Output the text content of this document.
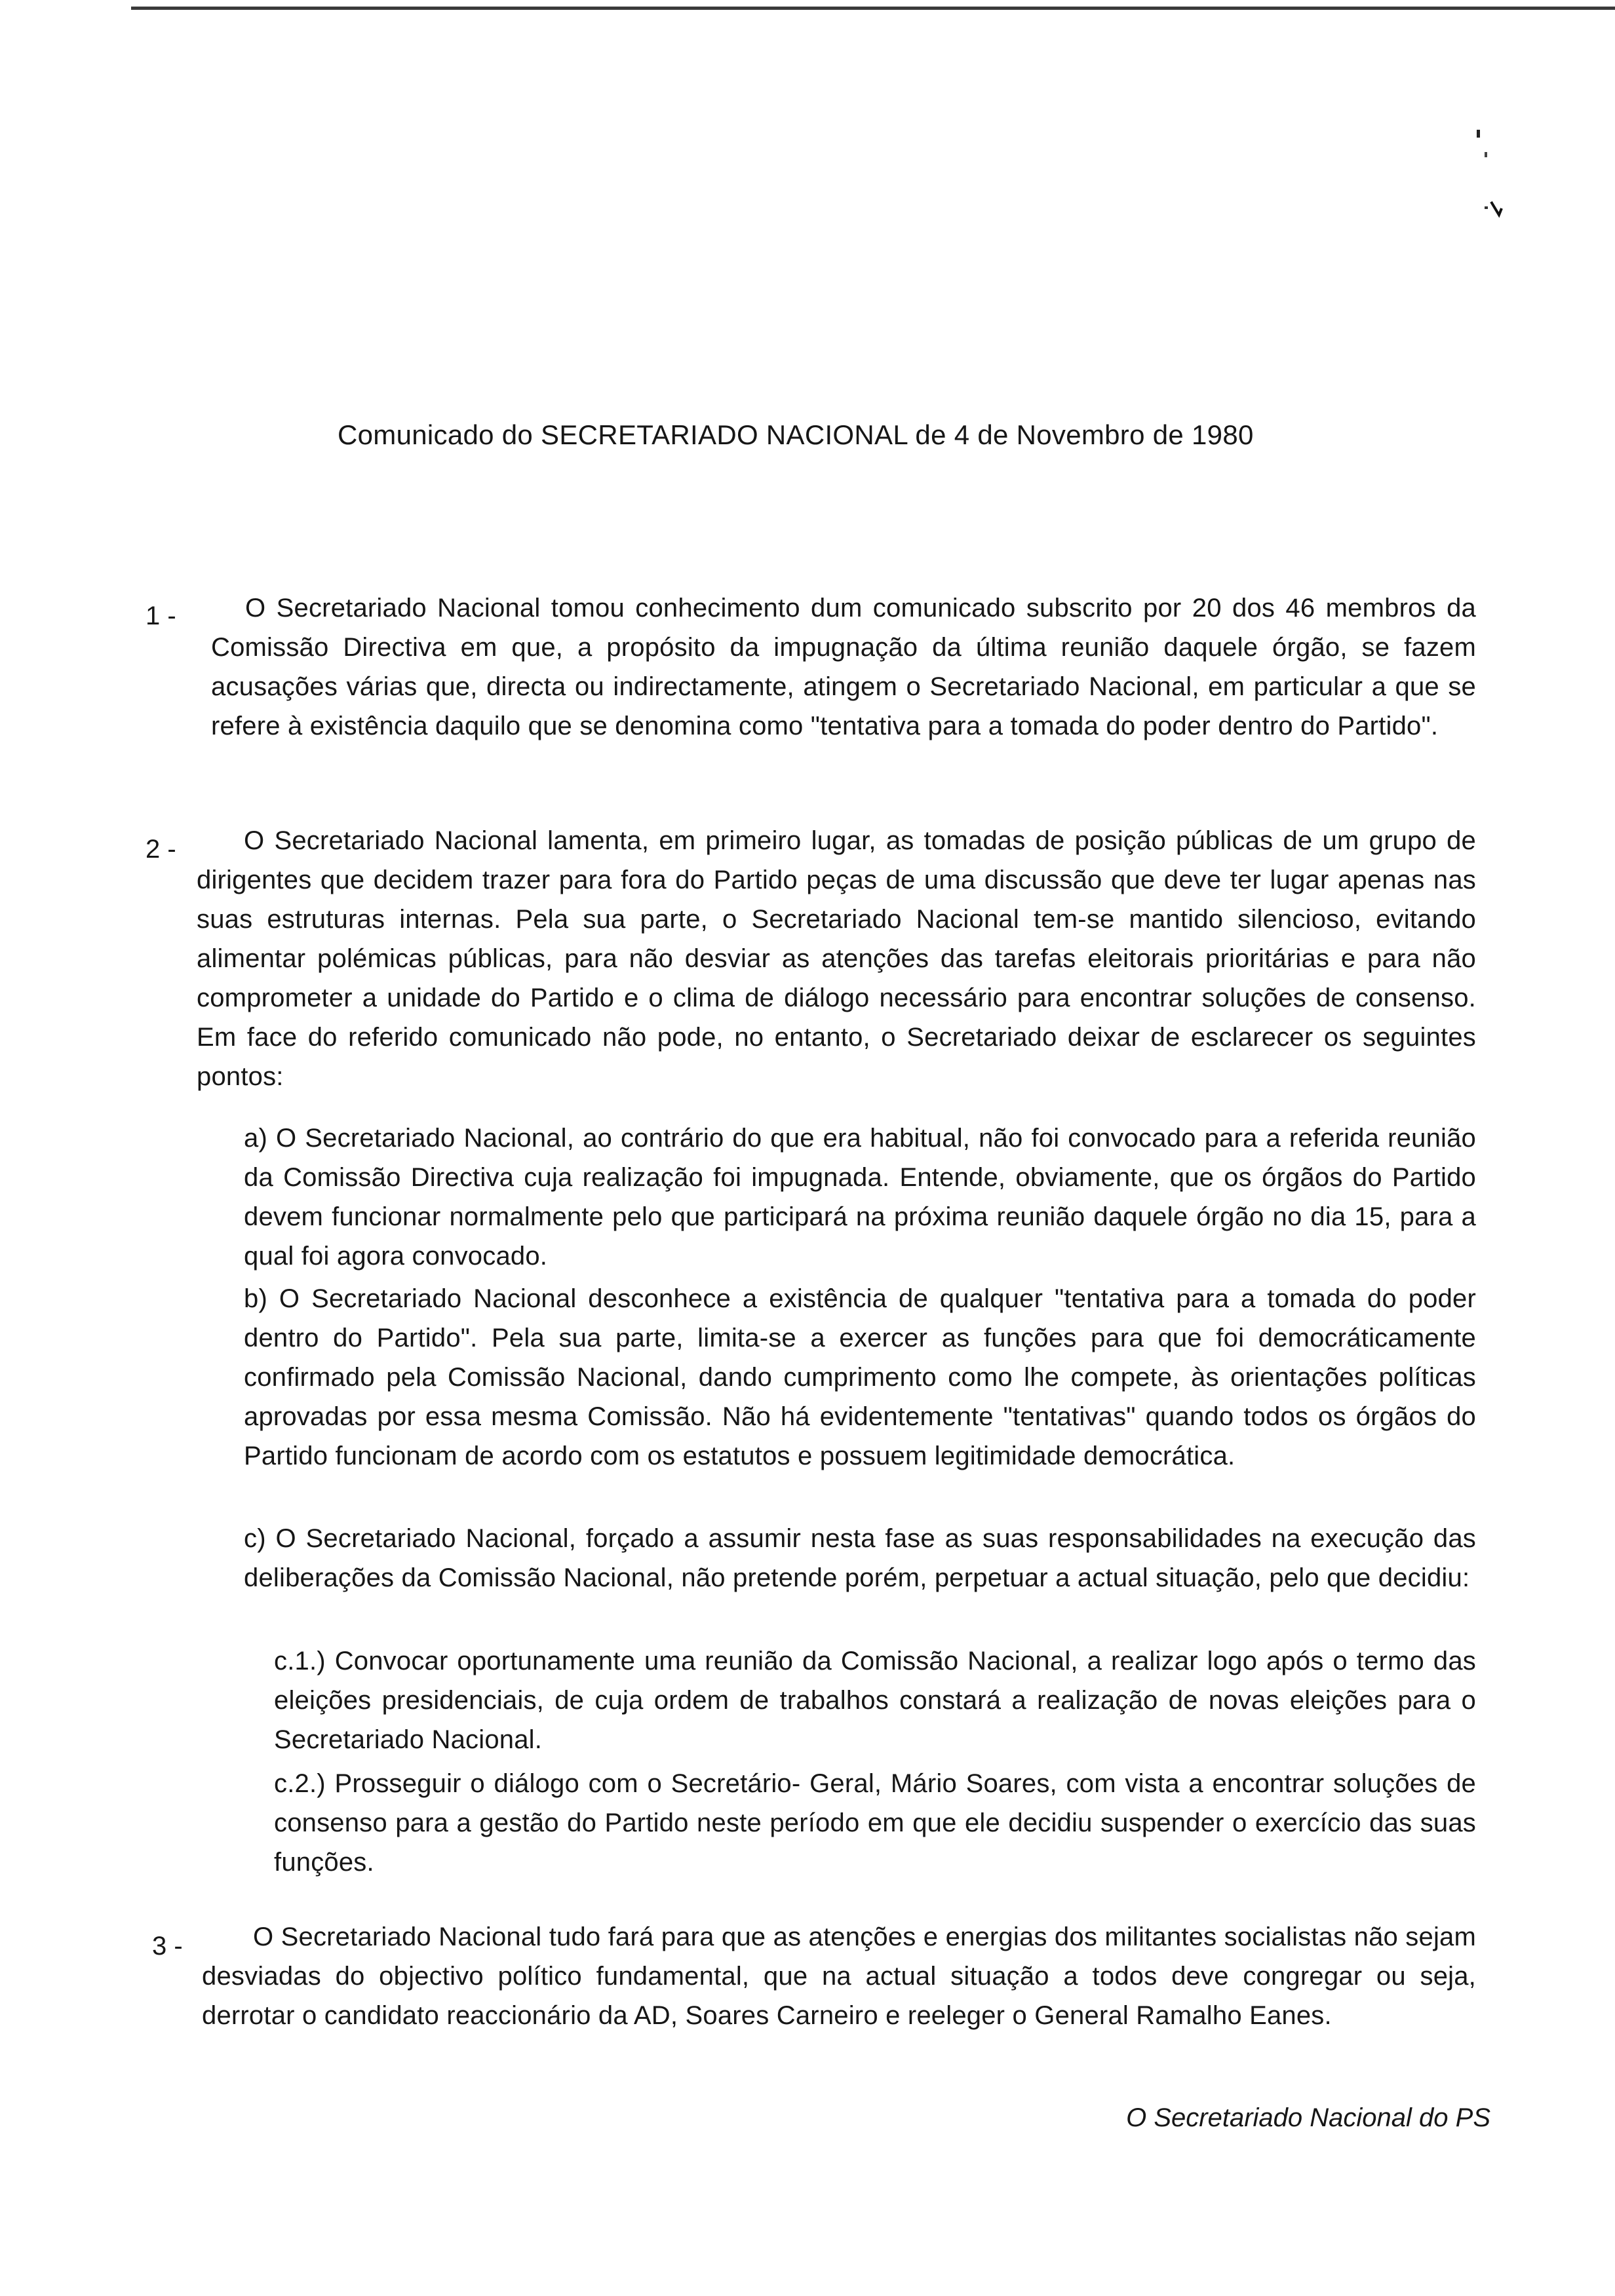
Comunicado do SECRETARIADO NACIONAL de 4 de Novembro de 1980
1 -	O Secretariado Nacional tomou conhecimento dum comunicado subscrito por 20 dos 46 membros da Comissão Directiva em que, a propósito da impugnação da última reunião daquele órgão, se fazem acusações várias que, directa ou indirectamente, atingem o Secretariado Nacional, em particular a que se refere à existência daquilo que se denomina como "tentativa para a tomada do poder dentro do Partido".
2 -	O Secretariado Nacional lamenta, em primeiro lugar, as tomadas de posição públicas de um grupo de dirigentes que decidem trazer para fora do Partido peças de uma discussão que deve ter lugar apenas nas suas estruturas internas. Pela sua parte, o Secretariado Nacional tem-se mantido silencioso, evitando alimentar polémicas públicas, para não desviar as atenções das tarefas eleitorais prioritárias e para não comprometer a unidade do Partido e o clima de diálogo necessário para encontrar soluções de consenso. Em face do referido comunicado não pode, no entanto, o Secretariado deixar de esclarecer os seguintes pontos:
a) O Secretariado Nacional, ao contrário do que era habitual, não foi convocado para a referida reunião da Comissão Directiva cuja realização foi impugnada. Entende, obviamente, que os órgãos do Partido devem funcionar normalmente pelo que participará na próxima reunião daquele órgão no dia 15, para a qual foi agora convocado.
b) O Secretariado Nacional desconhece a existência de qualquer "tentativa para a tomada do poder dentro do Partido". Pela sua parte, limita-se a exercer as funções para que foi democráticamente confirmado pela Comissão Nacional, dando cumprimento como lhe compete, às orientações políticas aprovadas por essa mesma Comissão. Não há evidentemente "tentativas" quando todos os órgãos do Partido funcionam de acordo com os estatutos e possuem legitimidade democrática.
c) O Secretariado Nacional, forçado a assumir nesta fase as suas responsabilidades na execução das deliberações da Comissão Nacional, não pretende porém, perpetuar a actual situação, pelo que decidiu:
c.1.) Convocar oportunamente uma reunião da Comissão Nacional, a realizar logo após o termo das eleições presidenciais, de cuja ordem de trabalhos constará a realização de novas eleições para o Secretariado Nacional.
c.2.) Prosseguir o diálogo com o Secretário- Geral, Mário Soares, com vista a encontrar soluções de consenso para a gestão do Partido neste período em que ele decidiu suspender o exercício das suas funções.
3 -	O Secretariado Nacional tudo fará para que as atenções e energias dos militantes socialistas não sejam desviadas do objectivo político fundamental, que na actual situação a todos deve congregar ou seja, derrotar o candidato reaccionário da AD, Soares Carneiro e reeleger o General Ramalho Eanes.
O Secretariado Nacional do PS
